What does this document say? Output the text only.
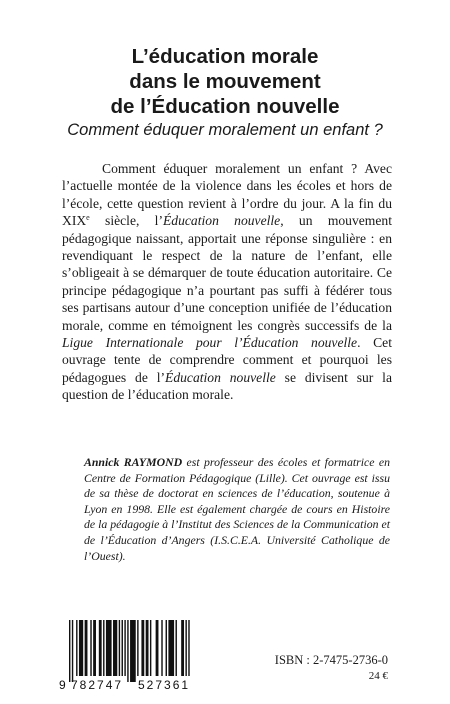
L’éducation morale
dans le mouvement
de l’Éducation nouvelle
Comment éduquer moralement un enfant ?

Comment éduquer moralement un enfant ? Avec l’actuelle montée de la violence dans les écoles et hors de l’école, cette question revient à l’ordre du jour. A la fin du XIXe siècle, l’Éducation nouvelle, un mouvement pédagogique naissant, apportait une réponse singulière : en revendiquant le respect de la nature de l’enfant, elle s’obligeait à se démarquer de toute éducation autoritaire. Ce principe pédagogique n’a pourtant pas suffi à fédérer tous ses partisans autour d’une conception unifiée de l’éducation morale, comme en témoignent les congrès successifs de la Ligue Internationale pour l’Éducation nouvelle. Cet ouvrage tente de comprendre comment et pourquoi les pédagogues de l’Éducation nouvelle se divisent sur la question de l’éducation morale.

Annick RAYMOND est professeur des écoles et formatrice en Centre de Formation Pédagogique (Lille). Cet ouvrage est issu de sa thèse de doctorat en sciences de l’éducation, soutenue à Lyon en 1998. Elle est également chargée de cours en Histoire de la pédagogie à l’Institut des Sciences de la Communication et de l’Éducation d’Angers (I.S.C.E.A. Université Catholique de l’Ouest).

9 782747 527361
ISBN : 2-7475-2736-0
24 €
